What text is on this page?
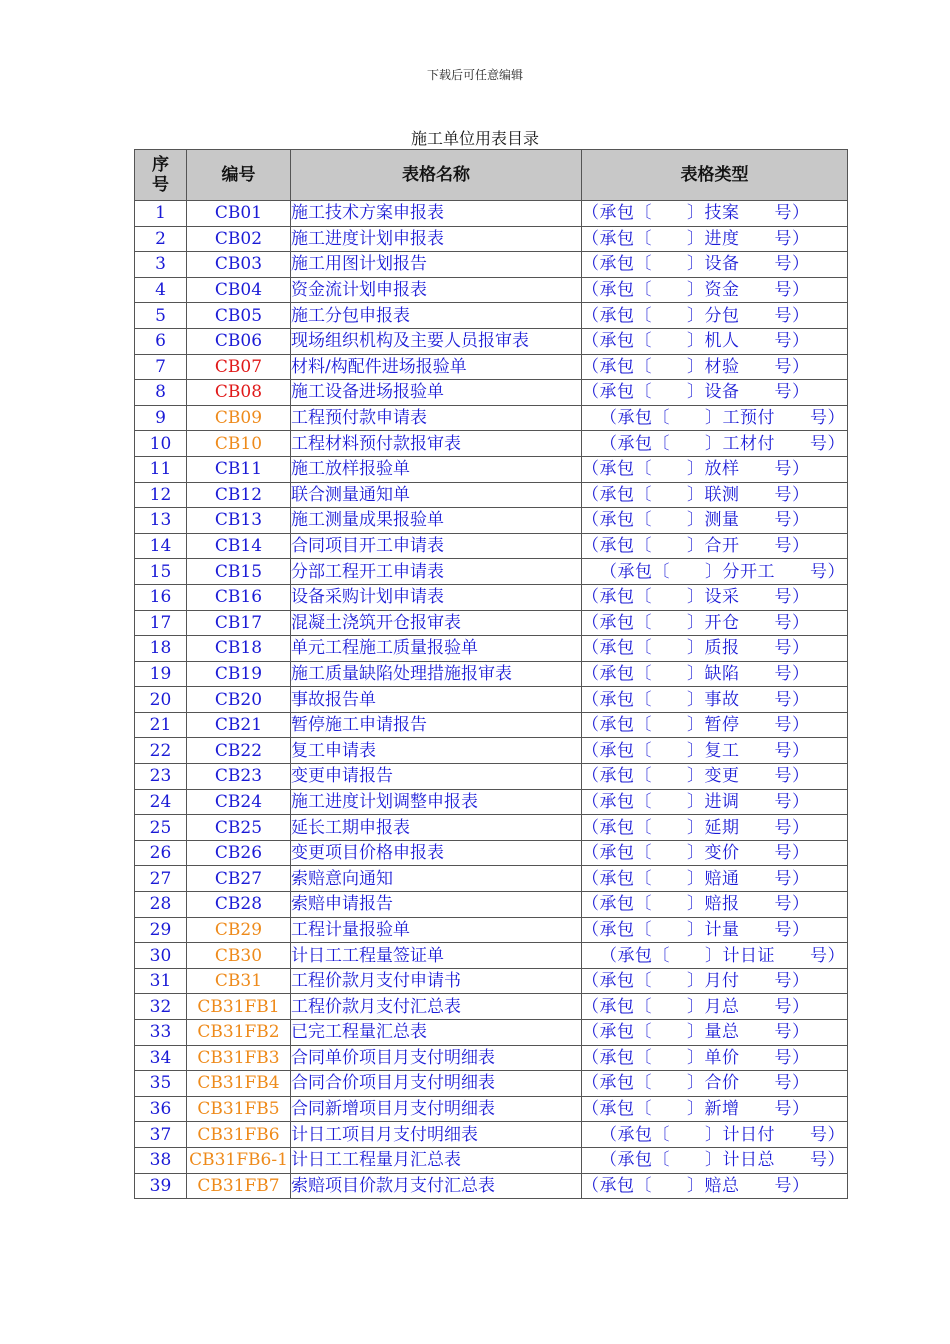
下载后可任意编辑
施工单位用表目录
序
号	编号	表格名称	表格类型
1	CB01	施工技术方案申报表	（承包〔　　〕技案　　号）
2	CB02	施工进度计划申报表	（承包〔　　〕进度　　号）
3	CB03	施工用图计划报告	（承包〔　　〕设备　　号）
4	CB04	资金流计划申报表	（承包〔　　〕资金　　号）
5	CB05	施工分包申报表	（承包〔　　〕分包　　号）
6	CB06	现场组织机构及主要人员报审表	（承包〔　　〕机人　　号）
7	CB07	材料/构配件进场报验单	（承包〔　　〕材验　　号）
8	CB08	施工设备进场报验单	（承包〔　　〕设备　　号）
9	CB09	工程预付款申请表	（承包〔　　〕工预付　　号）
10	CB10	工程材料预付款报审表	（承包〔　　〕工材付　　号）
11	CB11	施工放样报验单	（承包〔　　〕放样　　号）
12	CB12	联合测量通知单	（承包〔　　〕联测　　号）
13	CB13	施工测量成果报验单	（承包〔　　〕测量　　号）
14	CB14	合同项目开工申请表	（承包〔　　〕合开　　号）
15	CB15	分部工程开工申请表	（承包〔　　〕分开工　　号）
16	CB16	设备采购计划申请表	（承包〔　　〕设采　　号）
17	CB17	混凝土浇筑开仓报审表	（承包〔　　〕开仓　　号）
18	CB18	单元工程施工质量报验单	（承包〔　　〕质报　　号）
19	CB19	施工质量缺陷处理措施报审表	（承包〔　　〕缺陷　　号）
20	CB20	事故报告单	（承包〔　　〕事故　　号）
21	CB21	暂停施工申请报告	（承包〔　　〕暂停　　号）
22	CB22	复工申请表	（承包〔　　〕复工　　号）
23	CB23	变更申请报告	（承包〔　　〕变更　　号）
24	CB24	施工进度计划调整申报表	（承包〔　　〕进调　　号）
25	CB25	延长工期申报表	（承包〔　　〕延期　　号）
26	CB26	变更项目价格申报表	（承包〔　　〕变价　　号）
27	CB27	索赔意向通知	（承包〔　　〕赔通　　号）
28	CB28	索赔申请报告	（承包〔　　〕赔报　　号）
29	CB29	工程计量报验单	（承包〔　　〕计量　　号）
30	CB30	计日工工程量签证单	（承包〔　　〕计日证　　号）
31	CB31	工程价款月支付申请书	（承包〔　　〕月付　　号）
32	CB31FB1	工程价款月支付汇总表	（承包〔　　〕月总　　号）
33	CB31FB2	已完工程量汇总表	（承包〔　　〕量总　　号）
34	CB31FB3	合同单价项目月支付明细表	（承包〔　　〕单价　　号）
35	CB31FB4	合同合价项目月支付明细表	（承包〔　　〕合价　　号）
36	CB31FB5	合同新增项目月支付明细表	（承包〔　　〕新增　　号）
37	CB31FB6	计日工项目月支付明细表	（承包〔　　〕计日付　　号）
38	CB31FB6-1	计日工工程量月汇总表	（承包〔　　〕计日总　　号）
39	CB31FB7	索赔项目价款月支付汇总表	（承包〔　　〕赔总　　号）
